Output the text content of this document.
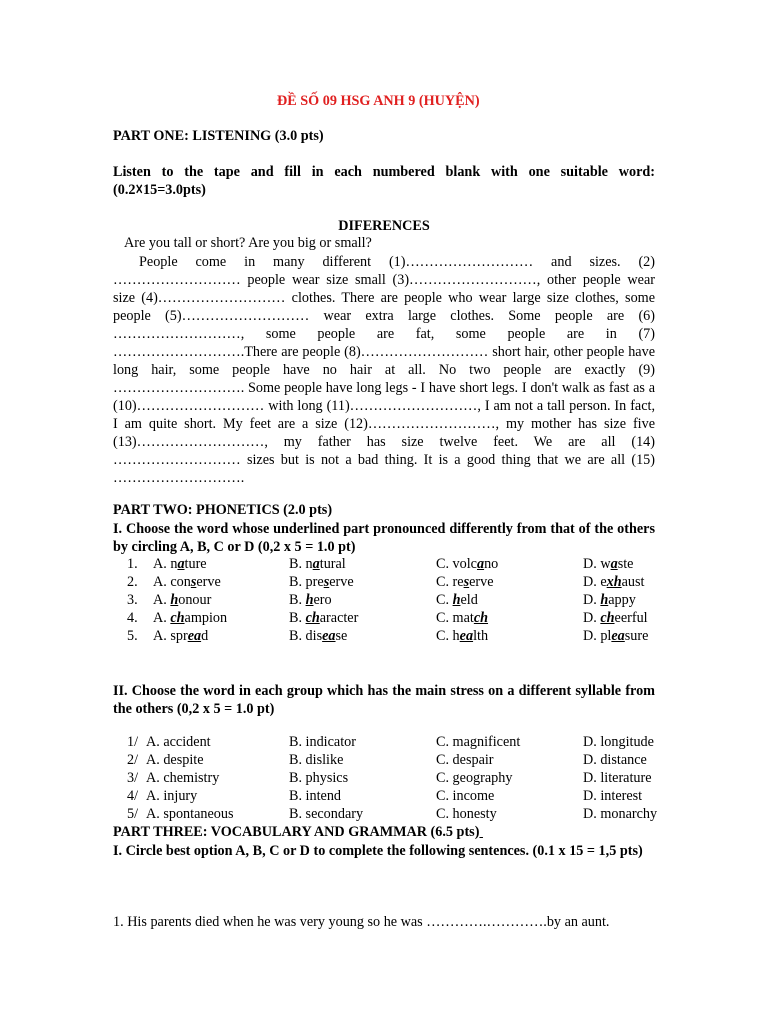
ĐỀ SỐ 09 HSG ANH 9 (HUYỆN)
PART ONE: LISTENING (3.0 pts)
Listen to the tape and fill in each numbered blank with one suitable word: (0.2☓15=3.0pts)
DIFERENCES
Are you tall or short? Are you big or small?
People come in many different (1)……………………… and sizes. (2) ……………………… people wear size small (3)………………………, other people wear size (4)……………………… clothes. There are people who wear large size clothes, some people (5)……………………… wear extra large clothes. Some people are (6) ………………………, some people are fat, some people are in (7) ……………………….There are people (8)……………………… short hair, other people have long hair, some people have no hair at all. No two people are exactly (9) ………………………. Some people have long legs - I have short legs. I don't walk as fast as a (10)……………………… with long (11)………………………, I am not a tall person. In fact, I am quite short. My feet are a size (12)………………………, my mother has size five (13)………………………, my father has size twelve feet. We are all (14) ……………………… sizes but is not a bad thing. It is a good thing that we are all (15) ……………………….
PART TWO: PHONETICS (2.0 pts)
I. Choose the word whose underlined part pronounced differently from that of the others by circling A, B, C or D (0,2 x 5 = 1.0 pt)
1. A. nature	B. natural	C. volcano	D. waste
2. A. conserve	B. preserve	C. reserve	D. exhaust
3. A. honour	B. hero	C. held	D. happy
4. A. champion	B. character	C. match	D. cheerful
5. A. spread	B. disease	C. health	D. pleasure
II. Choose the word in each group which has the main stress on a different syllable from the others (0,2 x 5 = 1.0 pt)
1/ A. accident	B. indicator	C. magnificent	D. longitude
2/ A. despite	B. dislike	C. despair	D. distance
3/ A. chemistry	B. physics	C. geography	D. literature
4/ A. injury	B. intend	C. income	D. interest
5/ A. spontaneous	B. secondary	C. honesty	D. monarchy
PART THREE: VOCABULARY AND GRAMMAR (6.5 pts)
I. Circle best option A, B, C or D to complete the following sentences. (0.1 x 15 = 1,5 pts)
1. His parents died when he was very young so he was ………….………….by an aunt.
